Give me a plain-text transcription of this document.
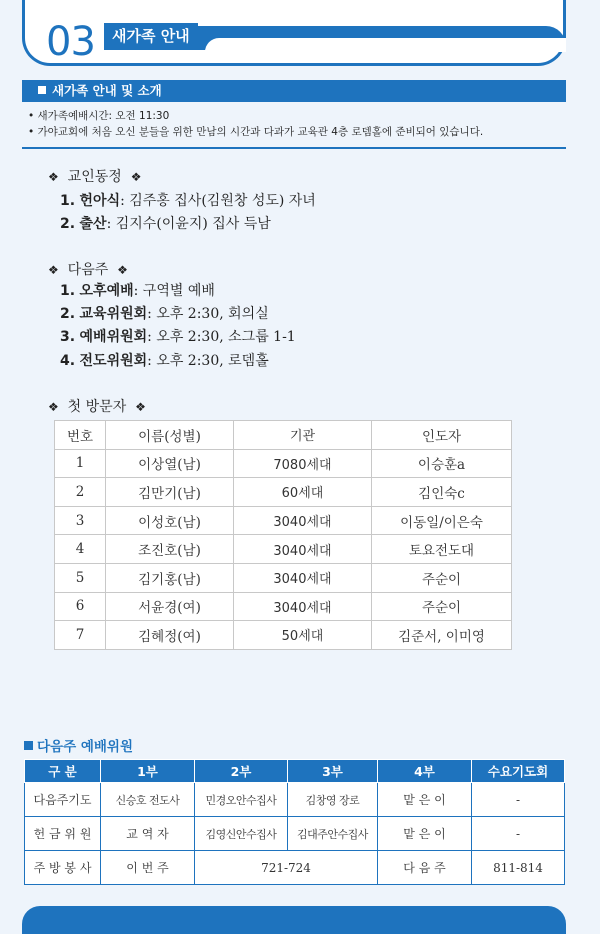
03	새가족 안내
새가족 안내 및 소개
• 새가족예배시간: 오전 11:30
• 가야교회에 처음 오신 분들을 위한 만남의 시간과 다과가 교육관 4층 로뎀홀에 준비되어 있습니다.
❖ 교인동정 ❖
1. 헌아식: 김주홍 집사(김원창 성도) 자녀
2. 출산: 김지수(이윤지) 집사 득남
❖ 다음주 ❖
1. 오후예배: 구역별 예배
2. 교육위원회: 오후 2:30, 회의실
3. 예배위원회: 오후 2:30, 소그룹 1-1
4. 전도위원회: 오후 2:30, 로뎀홀
❖ 첫 방문자 ❖
번호	이름(성별)	기관	인도자
1	이상열(남)	7080세대	이승훈a
2	김만기(남)	60세대	김인숙c
3	이성호(남)	3040세대	이동일/이은숙
4	조진호(남)	3040세대	토요전도대
5	김기홍(남)	3040세대	주순이
6	서윤경(여)	3040세대	주순이
7	김혜정(여)	50세대	김준서, 이미영
다음주 예배위원
구 분	1부	2부	3부	4부	수요기도회
다음주기도	신승호 전도사	민경오안수집사	김창영 장로	맡 은 이	-
헌 금 위 원	교 역 자	김영신안수집사	김대주안수집사	맡 은 이	-
주 방 봉 사	이 번 주	721-724		다 음 주	811-814
